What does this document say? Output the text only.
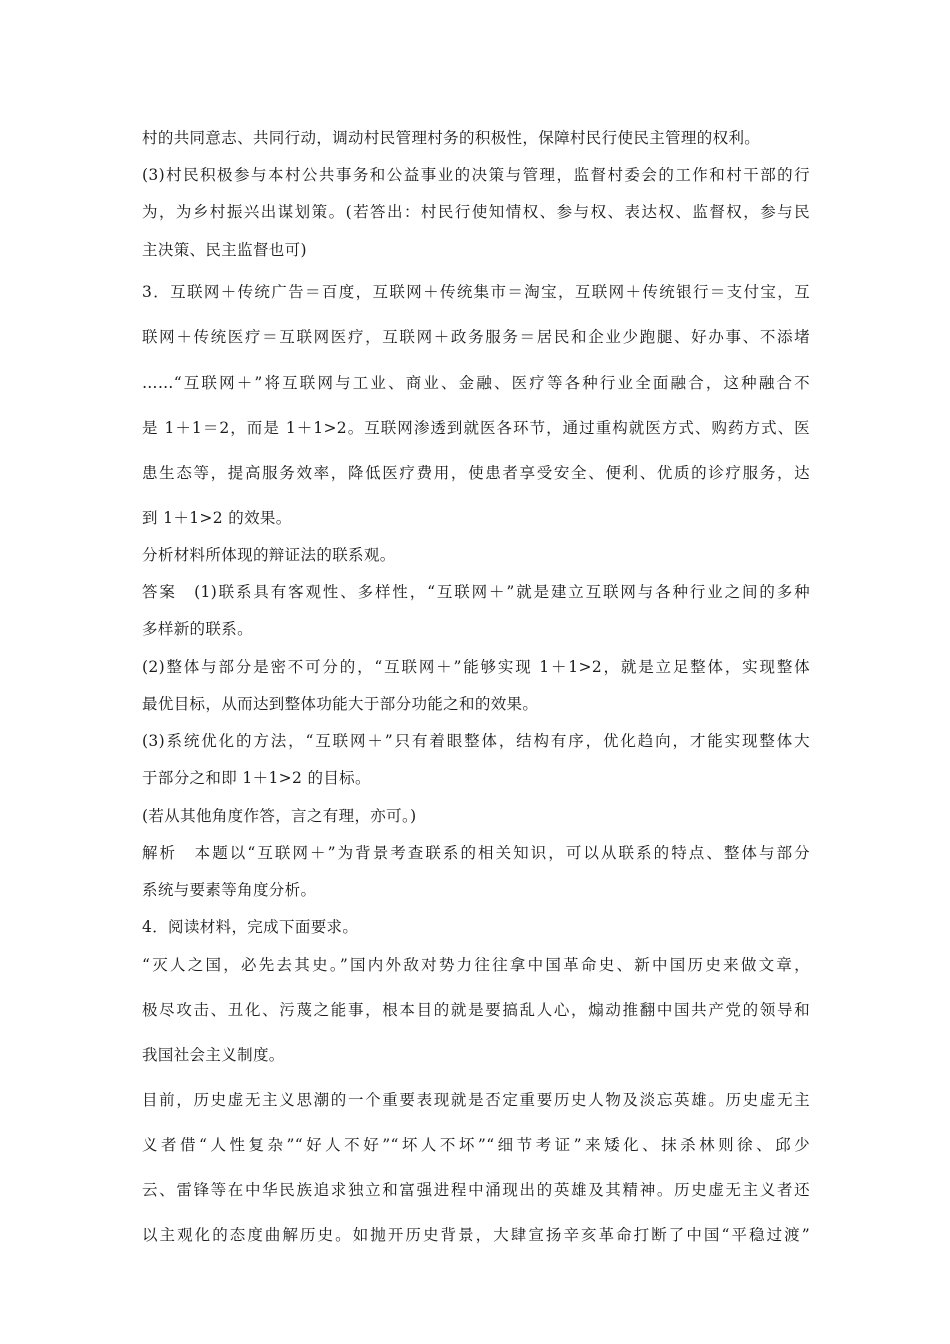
村的共同意志、共同行动，调动村民管理村务的积极性，保障村民行使民主管理的权利。
(3)村民积极参与本村公共事务和公益事业的决策与管理，监督村委会的工作和村干部的行
为，为乡村振兴出谋划策。(若答出：村民行使知情权、参与权、表达权、监督权，参与民
主决策、民主监督也可)
3．互联网＋传统广告＝百度，互联网＋传统集市＝淘宝，互联网＋传统银行＝支付宝，互
联网＋传统医疗＝互联网医疗，互联网＋政务服务＝居民和企业少跑腿、好办事、不添堵
……“互联网＋”将互联网与工业、商业、金融、医疗等各种行业全面融合，这种融合不
是 1＋1＝2，而是 1＋1>2。互联网渗透到就医各环节，通过重构就医方式、购药方式、医
患生态等，提高服务效率，降低医疗费用，使患者享受安全、便利、优质的诊疗服务，达
到 1＋1>2 的效果。
分析材料所体现的辩证法的联系观。
答案　(1)联系具有客观性、多样性，“互联网＋”就是建立互联网与各种行业之间的多种
多样新的联系。
(2)整体与部分是密不可分的，“互联网＋”能够实现 1＋1>2，就是立足整体，实现整体
最优目标，从而达到整体功能大于部分功能之和的效果。
(3)系统优化的方法，“互联网＋”只有着眼整体，结构有序，优化趋向，才能实现整体大
于部分之和即 1＋1>2 的目标。
(若从其他角度作答，言之有理，亦可。)
解析　本题以“互联网＋”为背景考查联系的相关知识，可以从联系的特点、整体与部分
系统与要素等角度分析。
4．阅读材料，完成下面要求。
“灭人之国，必先去其史。”国内外敌对势力往往拿中国革命史、新中国历史来做文章，
极尽攻击、丑化、污蔑之能事，根本目的就是要搞乱人心，煽动推翻中国共产党的领导和
我国社会主义制度。
目前，历史虚无主义思潮的一个重要表现就是否定重要历史人物及淡忘英雄。历史虚无主
义者借“人性复杂”“好人不好”“坏人不坏”“细节考证”来矮化、抹杀林则徐、邱少
云、雷锋等在中华民族追求独立和富强进程中涌现出的英雄及其精神。历史虚无主义者还
以主观化的态度曲解历史。如抛开历史背景，大肆宣扬辛亥革命打断了中国“平稳过渡”
